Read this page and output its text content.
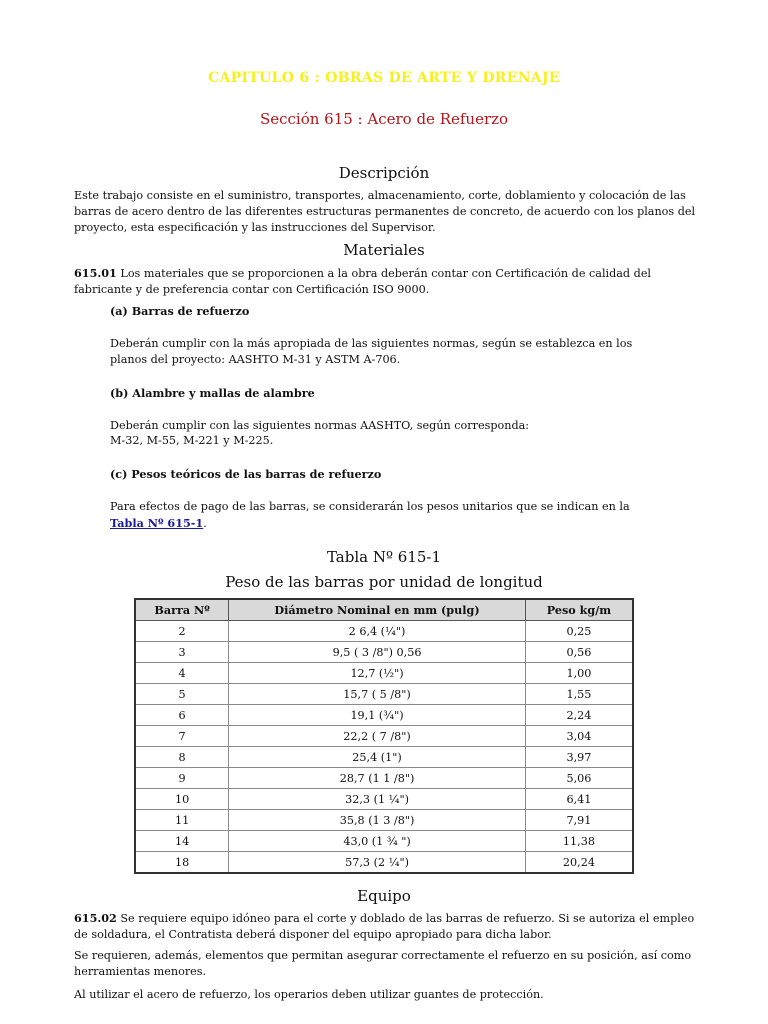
CAPITULO 6 : OBRAS DE ARTE Y DRENAJE
Sección 615 : Acero de Refuerzo
Descripción

Este trabajo consiste en el suministro, transportes, almacenamiento, corte, doblamiento y colocación de las barras de acero dentro de las diferentes estructuras permanentes de concreto, de acuerdo con los planos del proyecto, esta especificación y las instrucciones del Supervisor.

Materiales

615.01 Los materiales que se proporcionen a la obra deberán contar con Certificación de calidad del fabricante y de preferencia contar con Certificación ISO 9000.

(a) Barras de refuerzo

Deberán cumplir con la más apropiada de las siguientes normas, según se establezca en los planos del proyecto: AASHTO M-31 y ASTM A-706.

(b) Alambre y mallas de alambre

Deberán cumplir con las siguientes normas AASHTO, según corresponda:

M-32, M-55, M-221 y M-225.

(c) Pesos teóricos de las barras de refuerzo

Para efectos de pago de las barras, se considerarán los pesos unitarios que se indican en la Tabla Nº 615-1.

Tabla Nº 615-1
Peso de las barras por unidad de longitud
Barra Nº	Diámetro Nominal en mm (pulg)	Peso kg/m
2	2 6,4 (¼")	0,25
3	9,5 ( 3 /8") 0,56	0,56
4	12,7 (½")	1,00
5	15,7 ( 5 /8")	1,55
6	19,1 (¾")	2,24
7	22,2 ( 7 /8")	3,04
8	25,4 (1")	3,97
9	28,7 (1 1 /8")	5,06
10	32,3 (1 ¼")	6,41
11	35,8 (1 3 /8")	7,91
14	43,0 (1 ¾ ")	11,38
18	57,3 (2 ¼")	20,24
Equipo

615.02 Se requiere equipo idóneo para el corte y doblado de las barras de refuerzo. Si se autoriza el empleo de soldadura, el Contratista deberá disponer del equipo apropiado para dicha labor.

Se requieren, además, elementos que permitan asegurar correctamente el refuerzo en su posición, así como herramientas menores.

Al utilizar el acero de refuerzo, los operarios deben utilizar guantes de protección.
